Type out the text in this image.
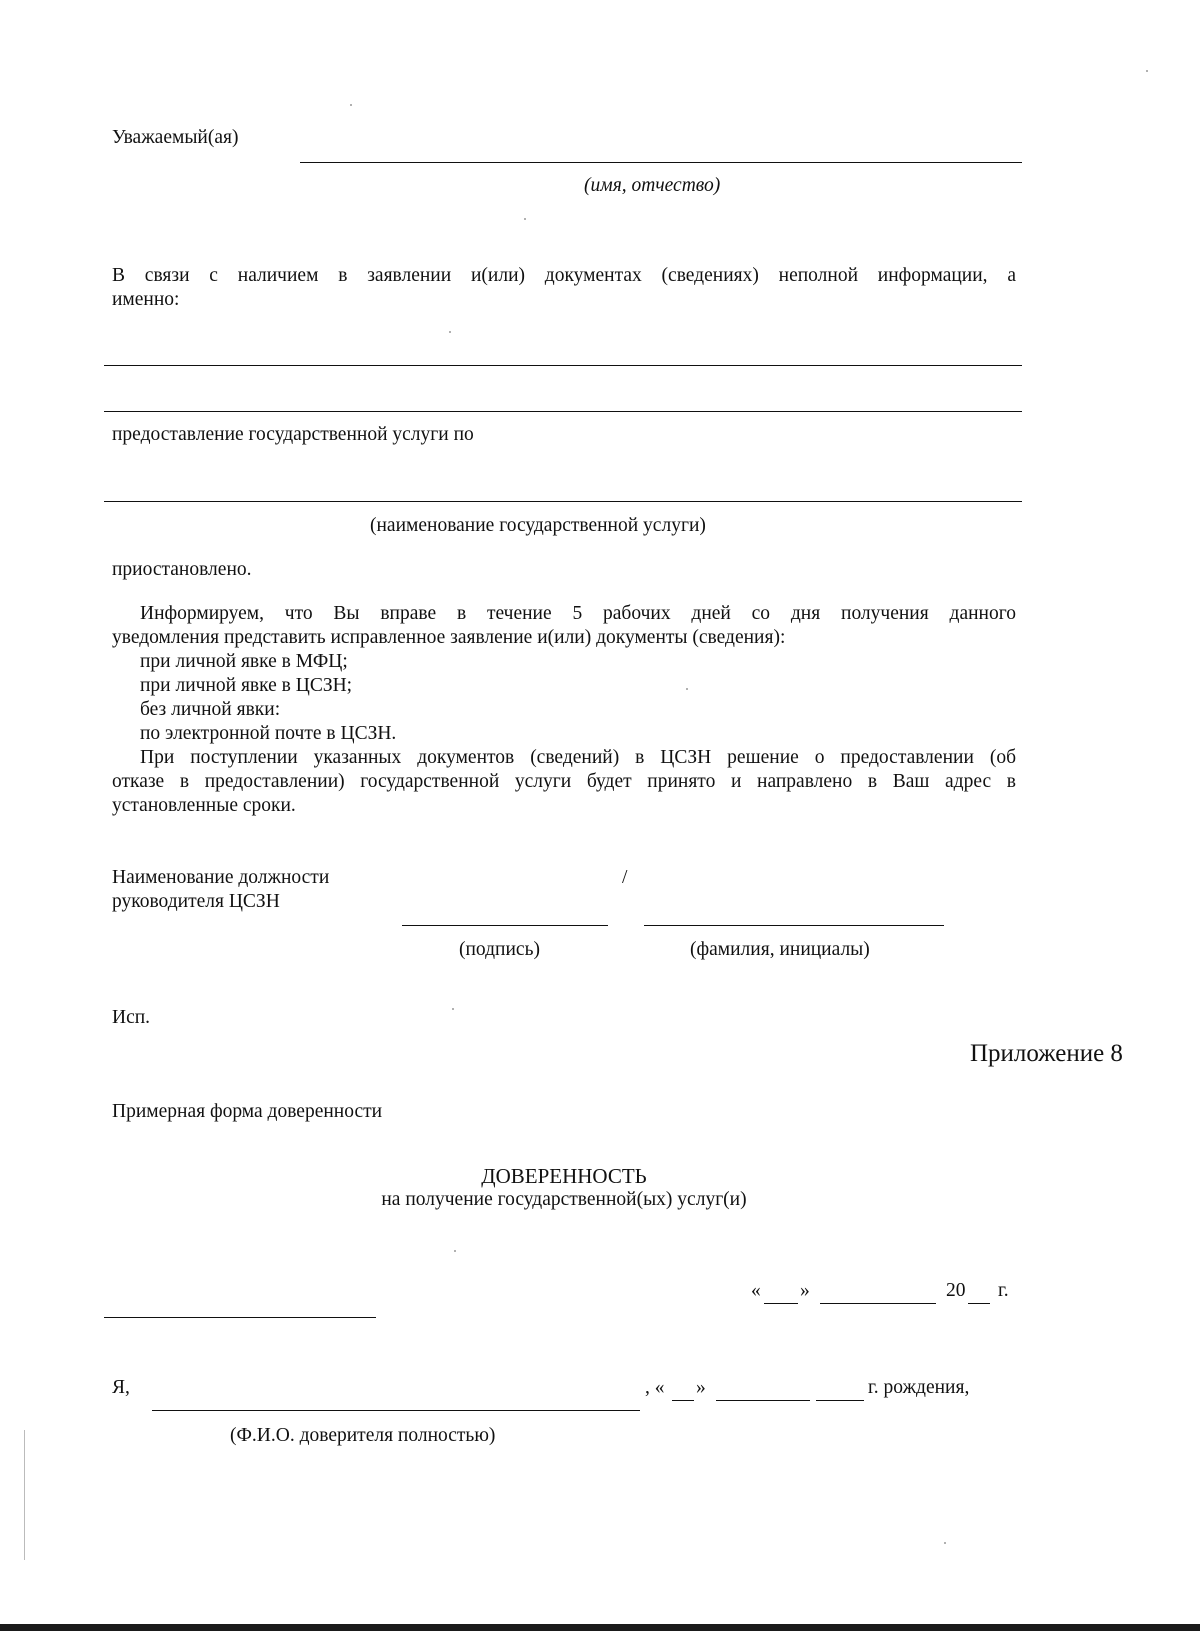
Уважаемый(ая)
(имя, отчество)
В связи с наличием в заявлении и(или) документах (сведениях) неполной информации, а
именно:
предоставление государственной услуги по
(наименование государственной услуги)
приостановлено.
Информируем, что Вы вправе в течение 5 рабочих дней со дня получения данного
уведомления представить исправленное заявление и(или) документы (сведения):
при личной явке в МФЦ;
при личной явке в ЦСЗН;
без личной явки:
по электронной почте в ЦСЗН.
При поступлении указанных документов (сведений) в ЦСЗН решение о предоставлении (об
отказе в предоставлении) государственной услуги будет принято и направлено в Ваш адрес в
установленные сроки.
Наименование должности
руководителя ЦСЗН
/
(подпись)	(фамилия, инициалы)
Исп.
Приложение 8
Примерная форма доверенности
ДОВЕРЕННОСТЬ
на получение государственной(ых) услуг(и)
« »	20 г.
Я,	, « »	г. рождения,
(Ф.И.О. доверителя полностью)
